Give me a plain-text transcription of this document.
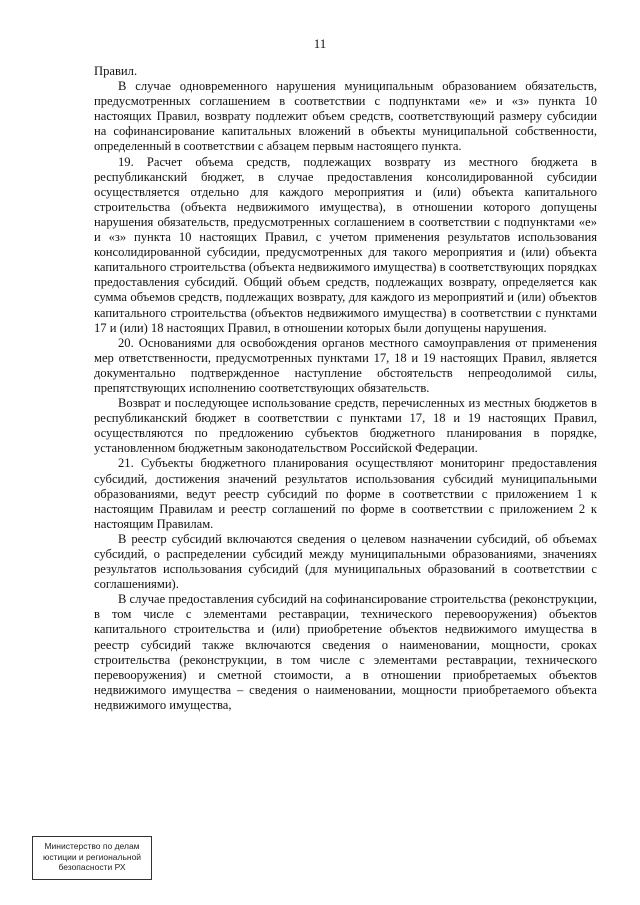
11

Правил.

В случае одновременного нарушения муниципальным образованием обязательств, предусмотренных соглашением в соответствии с подпунктами «е» и «з» пункта 10 настоящих Правил, возврату подлежит объем средств, соответствующий размеру субсидии на софинансирование капитальных вложений в объекты муниципальной собственности, определенный в соответствии с абзацем первым настоящего пункта.

19. Расчет объема средств, подлежащих возврату из местного бюджета в республиканский бюджет, в случае предоставления консолидированной субсидии осуществляется отдельно для каждого мероприятия и (или) объекта капитального строительства (объекта недвижимого имущества), в отношении которого допущены нарушения обязательств, предусмотренных соглашением в соответствии с подпунктами «е» и «з» пункта 10 настоящих Правил, с учетом применения результатов использования консолидированной субсидии, предусмотренных для такого мероприятия и (или) объекта капитального строительства (объекта недвижимого имущества) в соответствующих порядках предоставления субсидий. Общий объем средств, подлежащих возврату, определяется как сумма объемов средств, подлежащих возврату, для каждого из мероприятий и (или) объектов капитального строительства (объектов недвижимого имущества) в соответствии с пунктами 17 и (или) 18 настоящих Правил, в отношении которых были допущены нарушения.

20. Основаниями для освобождения органов местного самоуправления от применения мер ответственности, предусмотренных пунктами 17, 18 и 19 настоящих Правил, является документально подтвержденное наступление обстоятельств непреодолимой силы, препятствующих исполнению соответствующих обязательств.

Возврат и последующее использование средств, перечисленных из местных бюджетов в республиканский бюджет в соответствии с пунктами 17, 18 и 19 настоящих Правил, осуществляются по предложению субъектов бюджетного планирования в порядке, установленном бюджетным законодательством Российской Федерации.

21. Субъекты бюджетного планирования осуществляют мониторинг предоставления субсидий, достижения значений результатов использования субсидий муниципальными образованиями, ведут реестр субсидий по форме в соответствии с приложением 1 к настоящим Правилам и реестр соглашений по форме в соответствии с приложением 2 к настоящим Правилам.

В реестр субсидий включаются сведения о целевом назначении субсидий, об объемах субсидий, о распределении субсидий между муниципальными образованиями, значениях результатов использования субсидий (для муниципальных образований в соответствии с соглашениями).

В случае предоставления субсидий на софинансирование строительства (реконструкции, в том числе с элементами реставрации, технического перевооружения) объектов капитального строительства и (или) приобретение объектов недвижимого имущества в реестр субсидий также включаются сведения о наименовании, мощности, сроках строительства (реконструкции, в том числе с элементами реставрации, технического перевооружения) и сметной стоимости, а в отношении приобретаемых объектов недвижимого имущества – сведения о наименовании, мощности приобретаемого объекта недвижимого имущества,

Министерство по делам
юстиции и региональной
безопасности РХ
